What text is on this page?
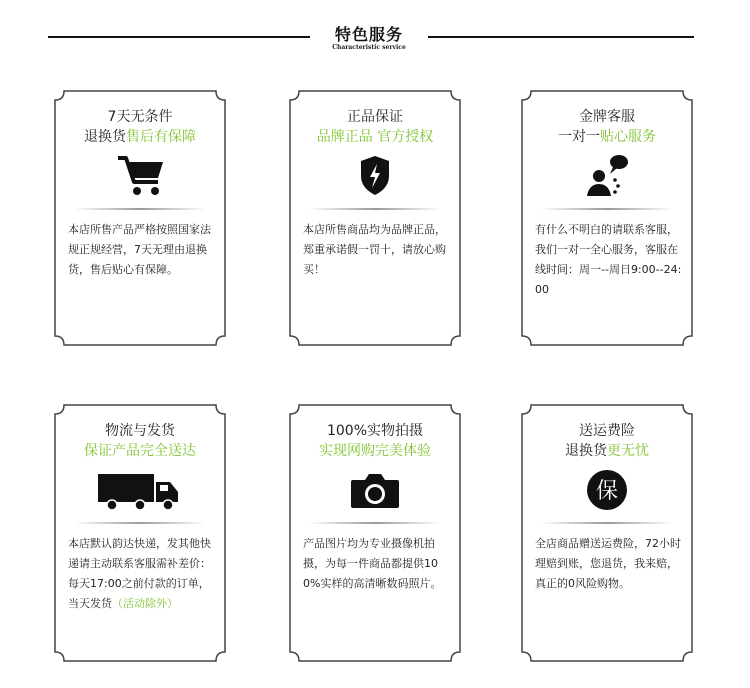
特色服务
Characteristic service
7天无条件
退换货售后有保障
本店所售产品严格按照国家法规正规经营，7天无理由退换货，售后贴心有保障。
正品保证
品牌正品 官方授权
本店所售商品均为品牌正品，郑重承诺假一罚十，请放心购买！
金牌客服
一对一贴心服务
有什么不明白的请联系客服，我们一对一全心服务，客服在线时间：周一--周日9:00--24:00
物流与发货
保证产品完全送达
本店默认韵达快递，发其他快递请主动联系客服需补差价：每天17:00之前付款的订单，当天发货（活动除外）
100%实物拍摄
实现网购完美体验
产品图片均为专业摄像机拍摄，为每一件商品都提供100%实样的高清晰数码照片。
送运费险
退换货更无忧
保
全店商品赠送运费险，72小时理赔到账，您退货，我来赔，真正的0风险购物。
